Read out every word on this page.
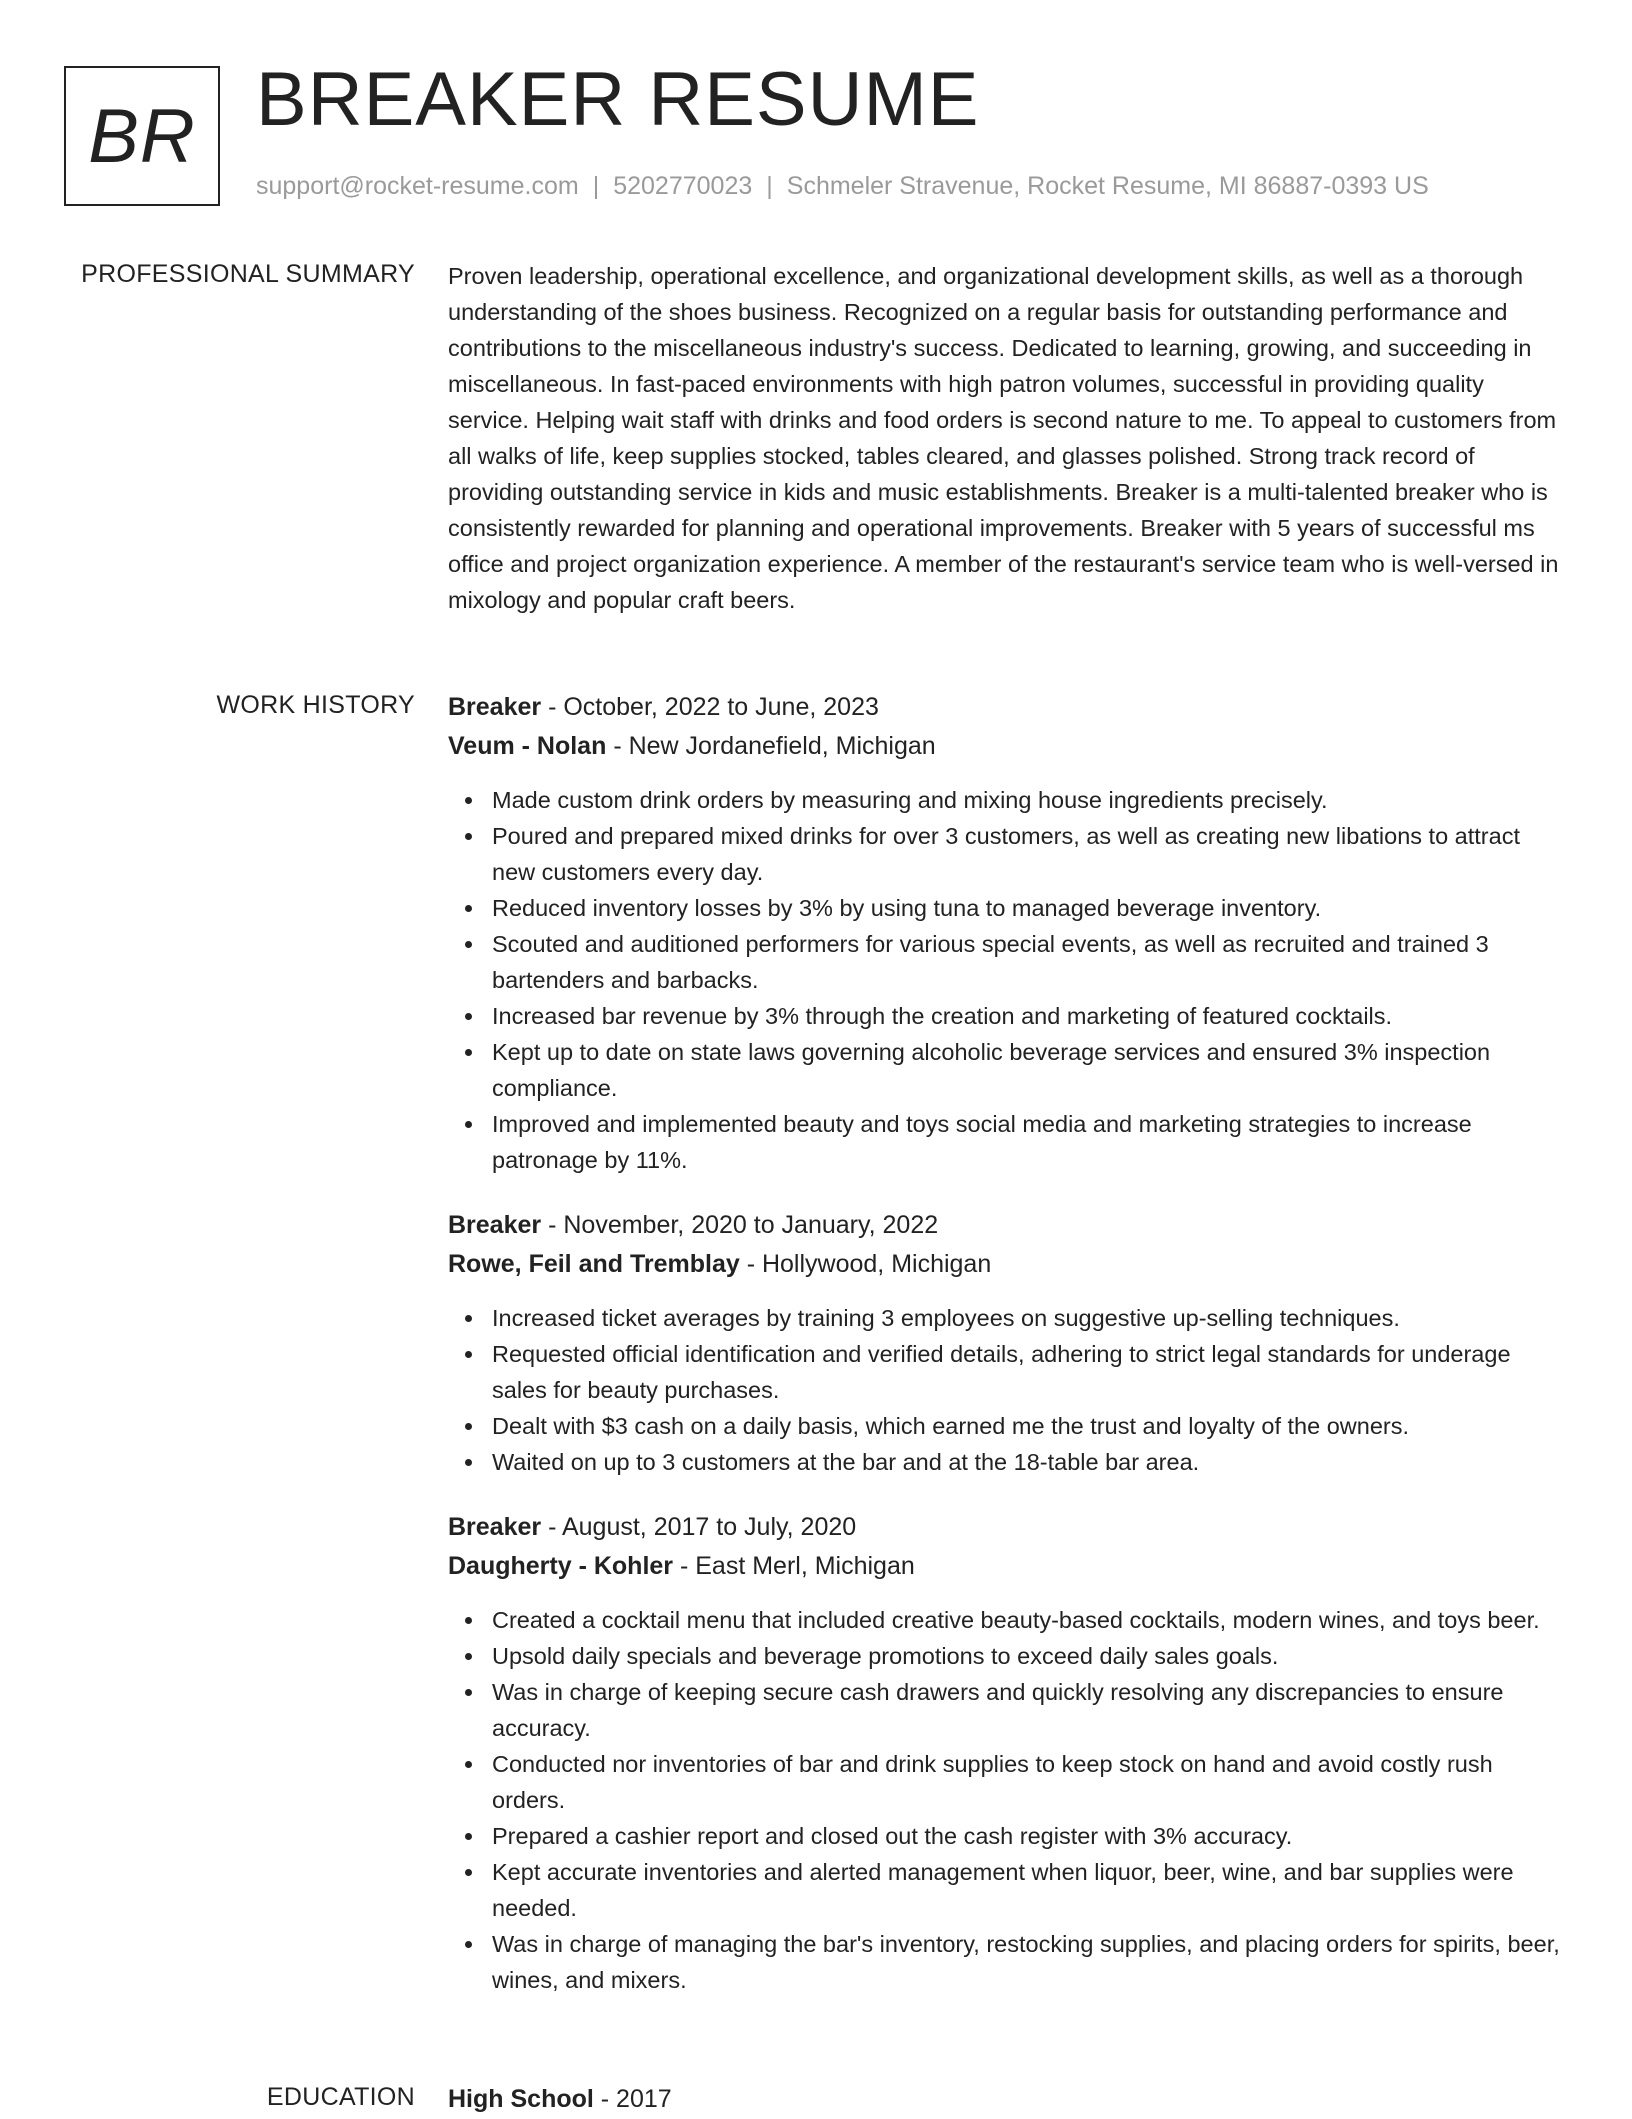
BR BREAKER RESUME
support@rocket-resume.com | 5202770023 | Schmeler Stravenue, Rocket Resume, MI 86887-0393 US
PROFESSIONAL SUMMARY Proven leadership, operational excellence, and organizational development skills, as well as a thorough understanding of the shoes business. Recognized on a regular basis for outstanding performance and contributions to the miscellaneous industry's success. Dedicated to learning, growing, and succeeding in miscellaneous. In fast-paced environments with high patron volumes, successful in providing quality service. Helping wait staff with drinks and food orders is second nature to me. To appeal to customers from all walks of life, keep supplies stocked, tables cleared, and glasses polished. Strong track record of providing outstanding service in kids and music establishments. Breaker is a multi-talented breaker who is consistently rewarded for planning and operational improvements. Breaker with 5 years of successful ms office and project organization experience. A member of the restaurant's service team who is well-versed in mixology and popular craft beers.

WORK HISTORY Breaker - October, 2022 to June, 2023
Veum - Nolan - New Jordanefield, Michigan
Made custom drink orders by measuring and mixing house ingredients precisely.
Poured and prepared mixed drinks for over 3 customers, as well as creating new libations to attract new customers every day.
Reduced inventory losses by 3% by using tuna to managed beverage inventory.
Scouted and auditioned performers for various special events, as well as recruited and trained 3 bartenders and barbacks.
Increased bar revenue by 3% through the creation and marketing of featured cocktails.
Kept up to date on state laws governing alcoholic beverage services and ensured 3% inspection compliance.
Improved and implemented beauty and toys social media and marketing strategies to increase patronage by 11%.
Breaker - November, 2020 to January, 2022
Rowe, Feil and Tremblay - Hollywood, Michigan
Increased ticket averages by training 3 employees on suggestive up-selling techniques.
Requested official identification and verified details, adhering to strict legal standards for underage sales for beauty purchases.
Dealt with $3 cash on a daily basis, which earned me the trust and loyalty of the owners.
Waited on up to 3 customers at the bar and at the 18-table bar area.
Breaker - August, 2017 to July, 2020
Daugherty - Kohler - East Merl, Michigan
Created a cocktail menu that included creative beauty-based cocktails, modern wines, and toys beer.
Upsold daily specials and beverage promotions to exceed daily sales goals.
Was in charge of keeping secure cash drawers and quickly resolving any discrepancies to ensure accuracy.
Conducted nor inventories of bar and drink supplies to keep stock on hand and avoid costly rush orders.
Prepared a cashier report and closed out the cash register with 3% accuracy.
Kept accurate inventories and alerted management when liquor, beer, wine, and bar supplies were needed.
Was in charge of managing the bar's inventory, restocking supplies, and placing orders for spirits, beer, wines, and mixers.
EDUCATION High School - 2017
